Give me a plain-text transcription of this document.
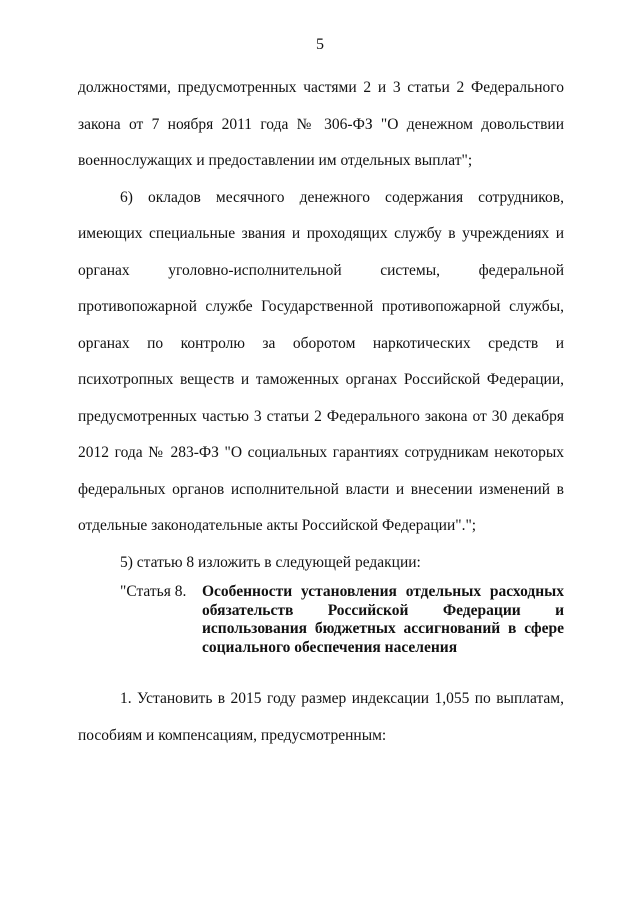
5

должностями, предусмотренных частями 2 и 3 статьи 2 Федерального закона от 7 ноября 2011 года № 306-ФЗ "О денежном довольствии военнослужащих и предоставлении им отдельных выплат";

6) окладов месячного денежного содержания сотрудников, имеющих специальные звания и проходящих службу в учреждениях и органах уголовно-исполнительной системы, федеральной противопожарной службе Государственной противопожарной службы, органах по контролю за оборотом наркотических средств и психотропных веществ и таможенных органах Российской Федерации, предусмотренных частью 3 статьи 2 Федерального закона от 30 декабря 2012 года № 283-ФЗ "О социальных гарантиях сотрудникам некоторых федеральных органов исполнительной власти и внесении изменений в отдельные законодательные акты Российской Федерации".";

5) статью 8 изложить в следующей редакции:

"Статья 8. Особенности установления отдельных расходных обязательств Российской Федерации и использования бюджетных ассигнований в сфере социального обеспечения населения

1. Установить в 2015 году размер индексации 1,055 по выплатам, пособиям и компенсациям, предусмотренным:
